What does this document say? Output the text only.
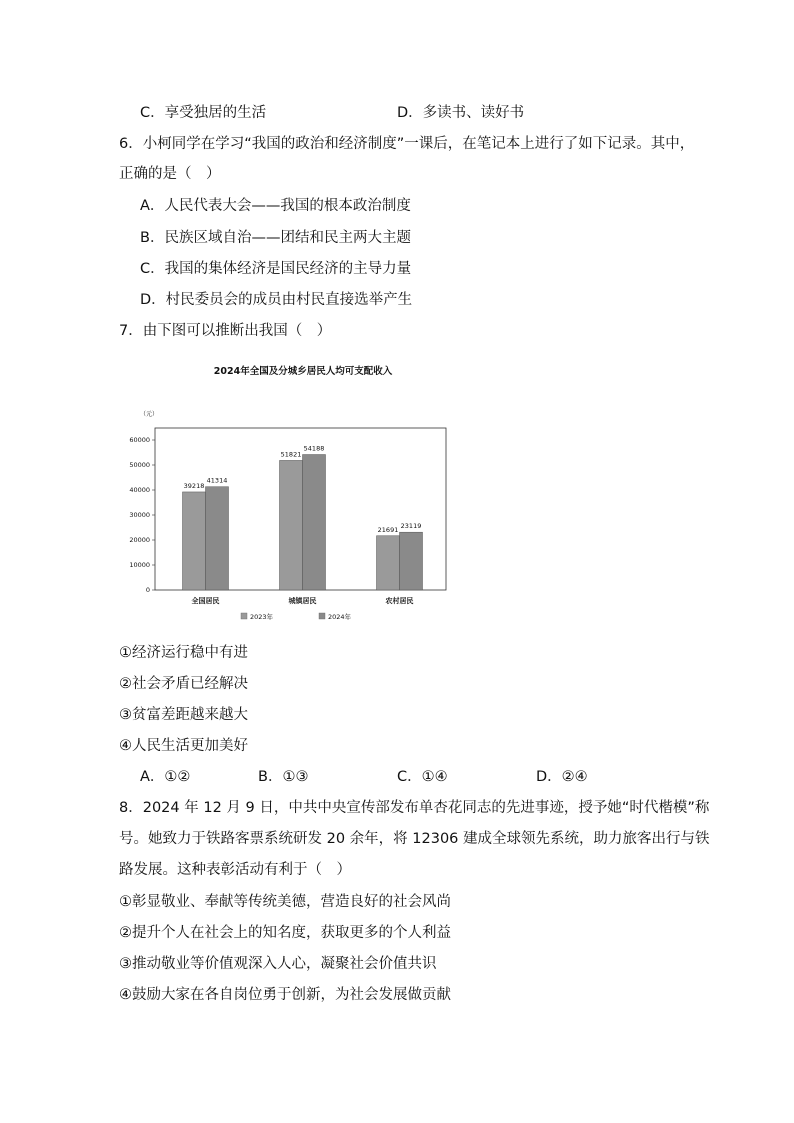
C．享受独居的生活	D．多读书、读好书
6．小柯同学在学习“我国的政治和经济制度”一课后，在笔记本上进行了如下记录。其中，
正确的是（　）
A．人民代表大会——我国的根本政治制度
B．民族区域自治——团结和民主两大主题
C．我国的集体经济是国民经济的主导力量
D．村民委员会的成员由村民直接选举产生
7．由下图可以推断出我国（　）
2024年全国及分城乡居民人均可支配收入
（元）
0
10000
20000
30000
40000
50000
60000
39218
41314
51821
54188
21691 23119
全国居民	城镇居民	农村居民
2023年	2024年
①经济运行稳中有进
②社会矛盾已经解决
③贫富差距越来越大
④人民生活更加美好
A．①②	B．①③	C．①④	D．②④
8．2024 年 12 月 9 日，中共中央宣传部发布单杏花同志的先进事迹，授予她“时代楷模”称
号。她致力于铁路客票系统研发 20 余年，将 12306 建成全球领先系统，助力旅客出行与铁
路发展。这种表彰活动有利于（　）
①彰显敬业、奉献等传统美德，营造良好的社会风尚
②提升个人在社会上的知名度，获取更多的个人利益
③推动敬业等价值观深入人心，凝聚社会价值共识
④鼓励大家在各自岗位勇于创新，为社会发展做贡献
